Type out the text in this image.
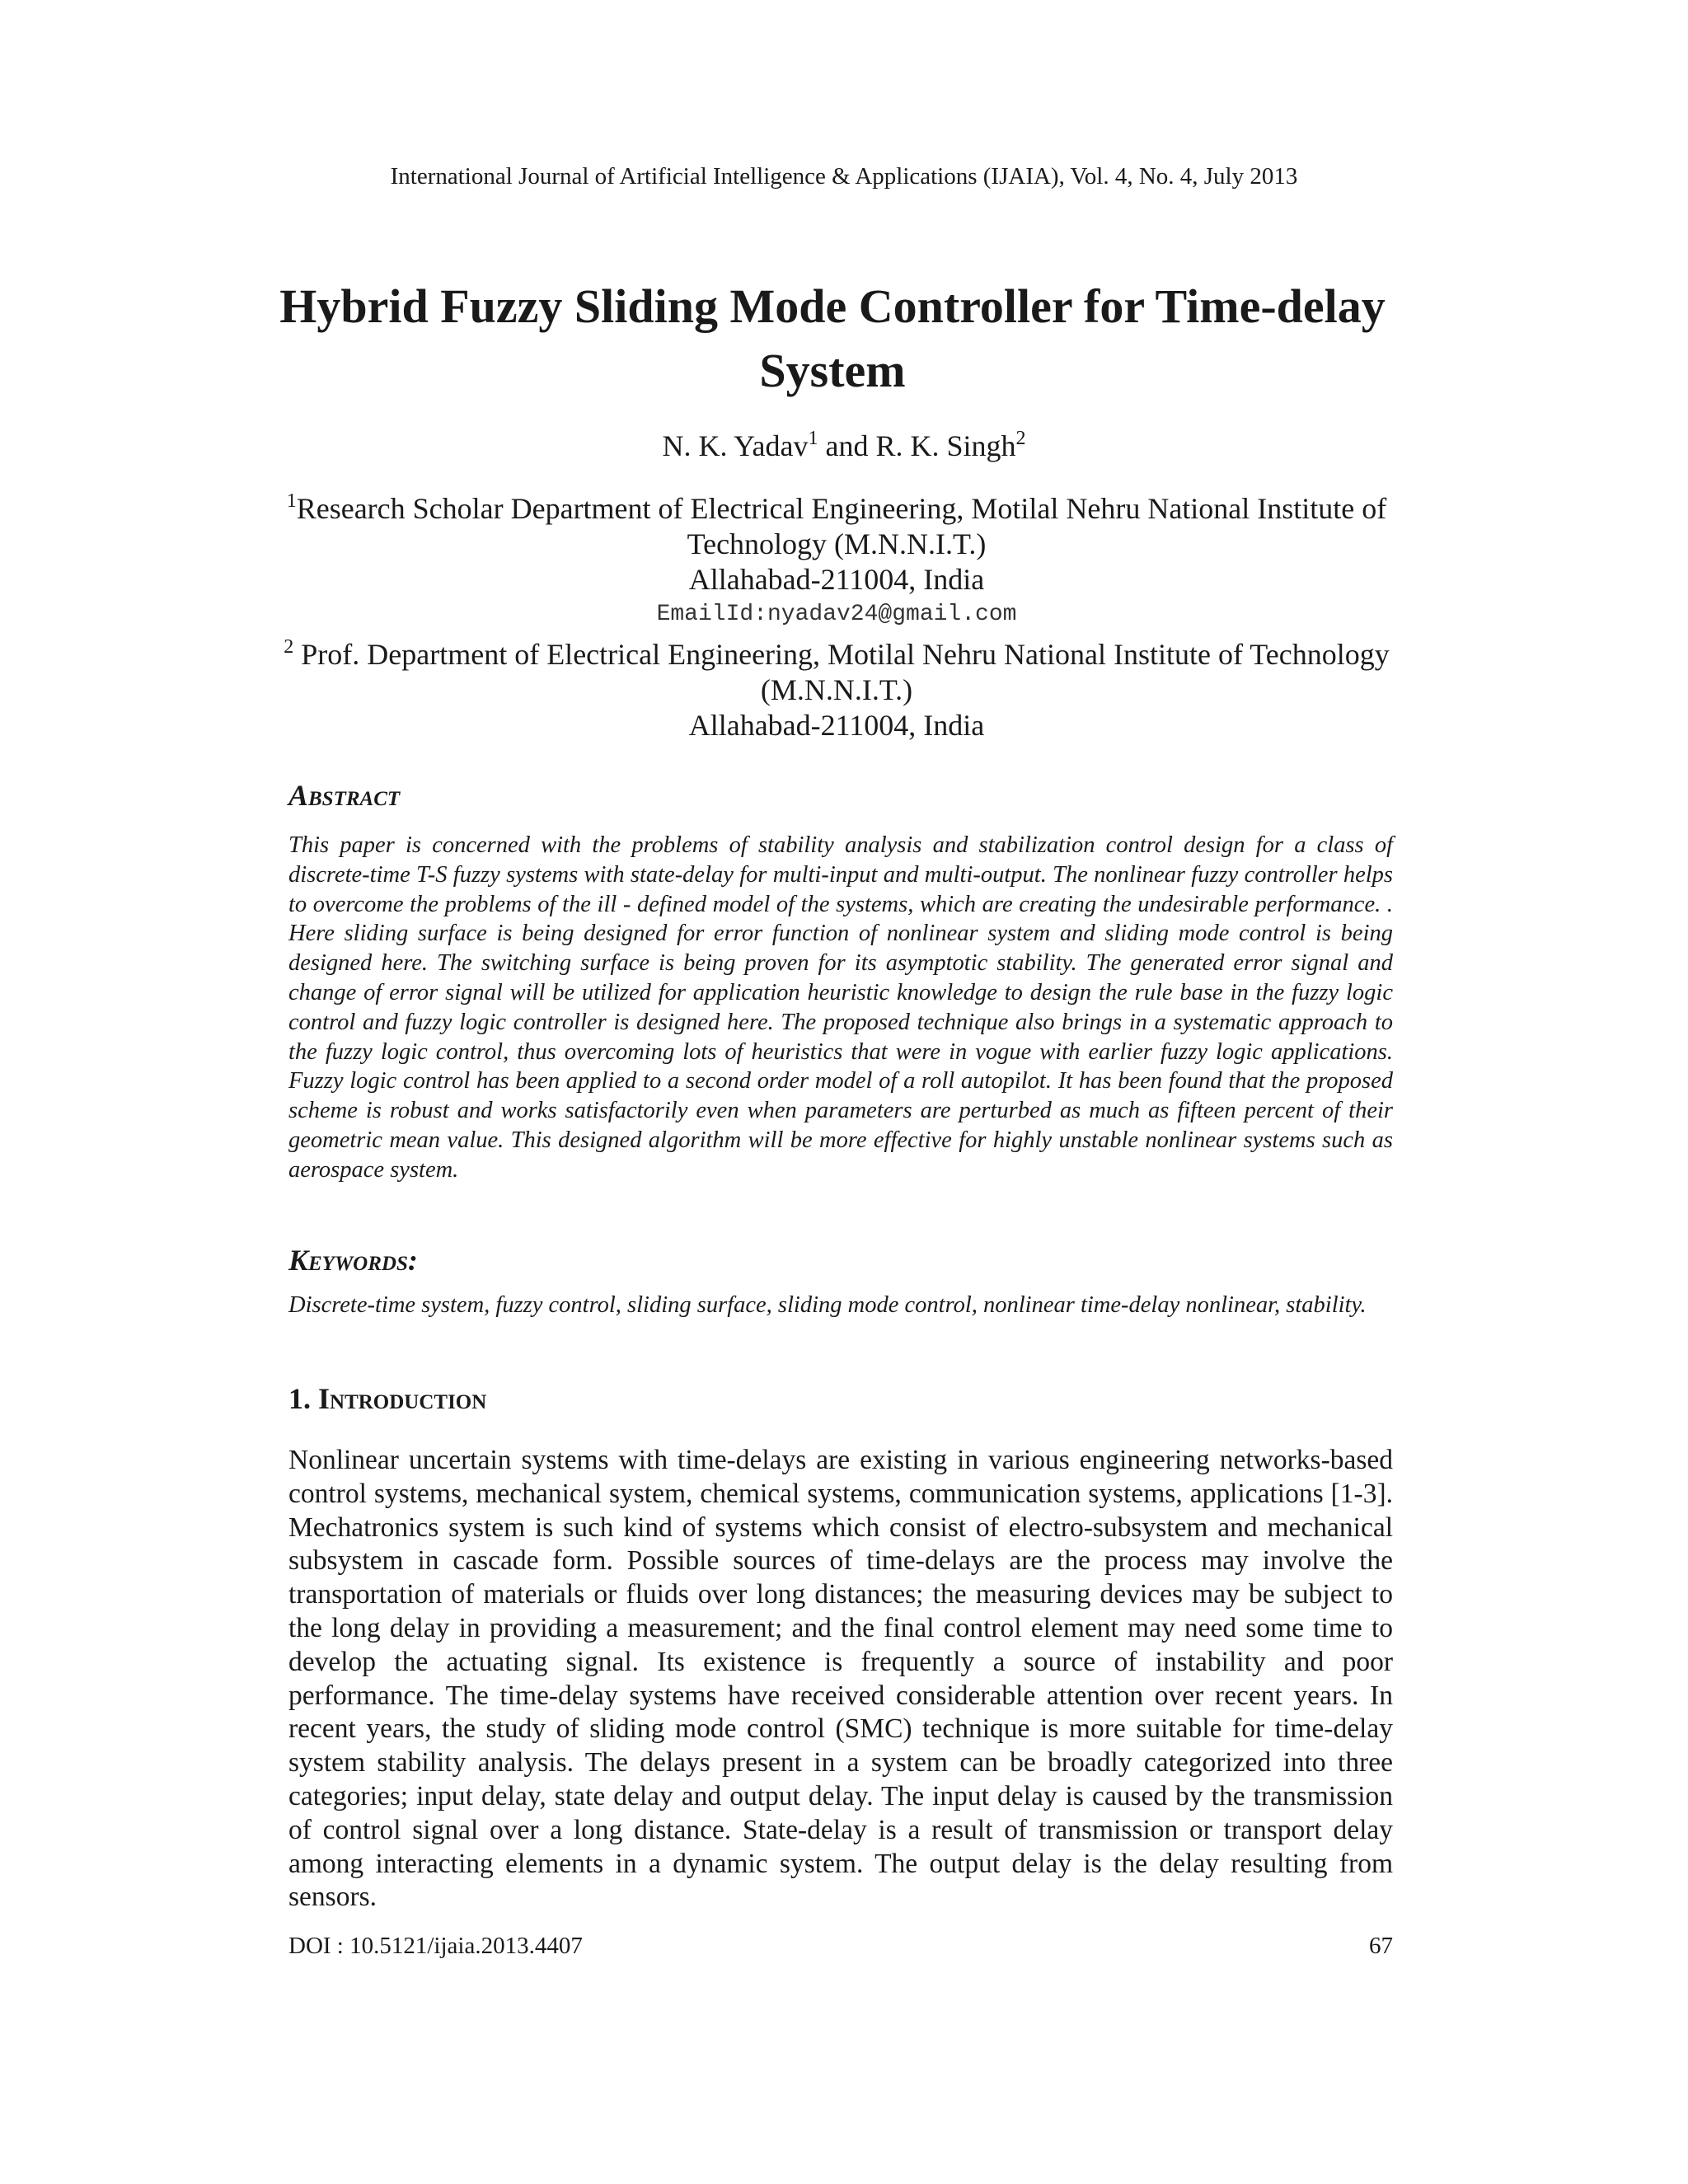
International Journal of Artificial Intelligence & Applications (IJAIA), Vol. 4, No. 4, July 2013
Hybrid Fuzzy Sliding Mode Controller for Time-delay System
N. K. Yadav$^1$ and R. K. Singh$^2$
$^1$Research Scholar Department of Electrical Engineering, Motilal Nehru National Institute of Technology (M.N.N.I.T.)
Allahabad-211004, India
EmailId:nyadav24@gmail.com
$^2$ Prof. Department of Electrical Engineering, Motilal Nehru National Institute of Technology (M.N.N.I.T.)
Allahabad-211004, India
Abstract
This paper is concerned with the problems of stability analysis and stabilization control design for a class of discrete-time T-S fuzzy systems with state-delay for multi-input and multi-output. The nonlinear fuzzy controller helps to overcome the problems of the ill - defined model of the systems, which are creating the undesirable performance. . Here sliding surface is being designed for error function of nonlinear system and sliding mode control is being designed here. The switching surface is being proven for its asymptotic stability. The generated error signal and change of error signal will be utilized for application heuristic knowledge to design the rule base in the fuzzy logic control and fuzzy logic controller is designed here. The proposed technique also brings in a systematic approach to the fuzzy logic control, thus overcoming lots of heuristics that were in vogue with earlier fuzzy logic applications. Fuzzy logic control has been applied to a second order model of a roll autopilot. It has been found that the proposed scheme is robust and works satisfactorily even when parameters are perturbed as much as fifteen percent of their geometric mean value. This designed algorithm will be more effective for highly unstable nonlinear systems such as aerospace system.
Keywords:
Discrete-time system, fuzzy control, sliding surface, sliding mode control, nonlinear time-delay nonlinear, stability.
1. Introduction
Nonlinear uncertain systems with time-delays are existing in various engineering networks-based control systems, mechanical system, chemical systems, communication systems, applications [1-3]. Mechatronics system is such kind of systems which consist of electro-subsystem and mechanical subsystem in cascade form. Possible sources of time-delays are the process may involve the transportation of materials or fluids over long distances; the measuring devices may be subject to the long delay in providing a measurement; and the final control element may need some time to develop the actuating signal. Its existence is frequently a source of instability and poor performance. The time-delay systems have received considerable attention over recent years. In recent years, the study of sliding mode control (SMC) technique is more suitable for time-delay system stability analysis. The delays present in a system can be broadly categorized into three categories; input delay, state delay and output delay. The input delay is caused by the transmission of control signal over a long distance. State-delay is a result of transmission or transport delay among interacting elements in a dynamic system. The output delay is the delay resulting from sensors.
DOI : 10.5121/ijaia.2013.4407	67
